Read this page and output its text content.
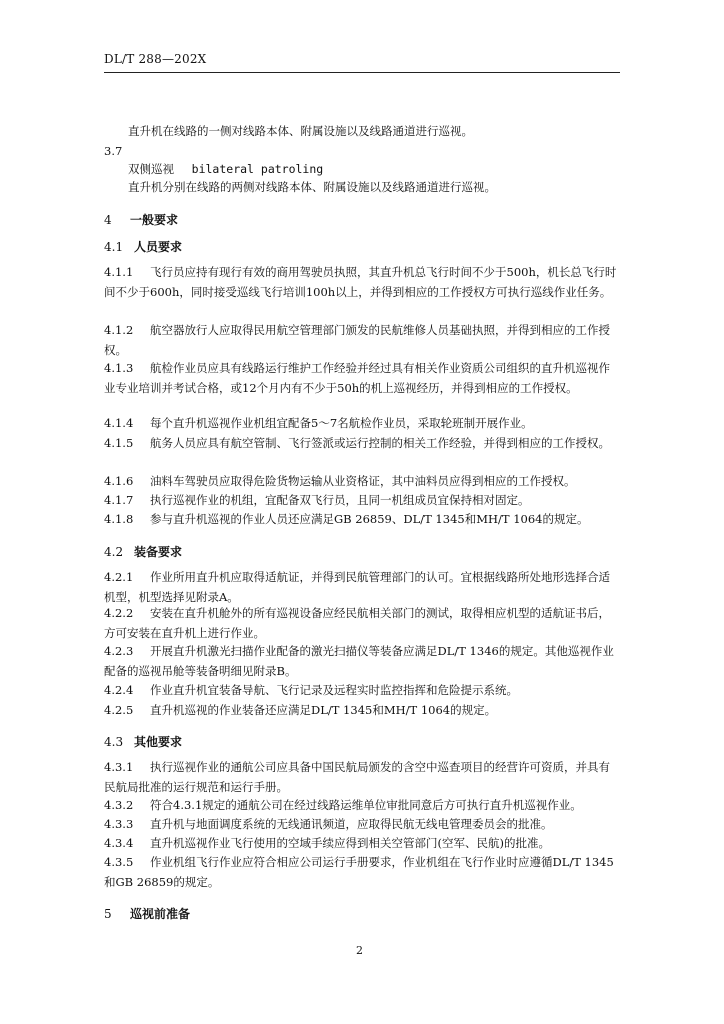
DL/T 288—202X
直升机在线路的一侧对线路本体、附属设施以及线路通道进行巡视。
3.7
双侧巡视 bilateral patroling
直升机分别在线路的两侧对线路本体、附属设施以及线路通道进行巡视。
4 一般要求
4.1 人员要求
4.1.1 飞行员应持有现行有效的商用驾驶员执照，其直升机总飞行时间不少于500h，机长总飞行时间不少于600h，同时接受巡线飞行培训100h以上，并得到相应的工作授权方可执行巡线作业任务。
4.1.2 航空器放行人应取得民用航空管理部门颁发的民航维修人员基础执照，并得到相应的工作授权。
4.1.3 航检作业员应具有线路运行维护工作经验并经过具有相关作业资质公司组织的直升机巡视作业专业培训并考试合格，或12个月内有不少于50h的机上巡视经历，并得到相应的工作授权。
4.1.4 每个直升机巡视作业机组宜配备5～7名航检作业员，采取轮班制开展作业。
4.1.5 航务人员应具有航空管制、飞行签派或运行控制的相关工作经验，并得到相应的工作授权。
4.1.6 油料车驾驶员应取得危险货物运输从业资格证，其中油料员应得到相应的工作授权。
4.1.7 执行巡视作业的机组，宜配备双飞行员，且同一机组成员宜保持相对固定。
4.1.8 参与直升机巡视的作业人员还应满足GB 26859、DL/T 1345和MH/T 1064的规定。
4.2 装备要求
4.2.1 作业所用直升机应取得适航证，并得到民航管理部门的认可。宜根据线路所处地形选择合适机型，机型选择见附录A。
4.2.2 安装在直升机舱外的所有巡视设备应经民航相关部门的测试，取得相应机型的适航证书后，方可安装在直升机上进行作业。
4.2.3 开展直升机激光扫描作业配备的激光扫描仪等装备应满足DL/T 1346的规定。其他巡视作业配备的巡视吊舱等装备明细见附录B。
4.2.4 作业直升机宜装备导航、飞行记录及远程实时监控指挥和危险提示系统。
4.2.5 直升机巡视的作业装备还应满足DL/T 1345和MH/T 1064的规定。
4.3 其他要求
4.3.1 执行巡视作业的通航公司应具备中国民航局颁发的含空中巡查项目的经营许可资质，并具有民航局批准的运行规范和运行手册。
4.3.2 符合4.3.1规定的通航公司在经过线路运维单位审批同意后方可执行直升机巡视作业。
4.3.3 直升机与地面调度系统的无线通讯频道，应取得民航无线电管理委员会的批准。
4.3.4 直升机巡视作业飞行使用的空域手续应得到相关空管部门(空军、民航)的批准。
4.3.5 作业机组飞行作业应符合相应公司运行手册要求，作业机组在飞行作业时应遵循DL/T 1345和GB 26859的规定。
5 巡视前准备
2
